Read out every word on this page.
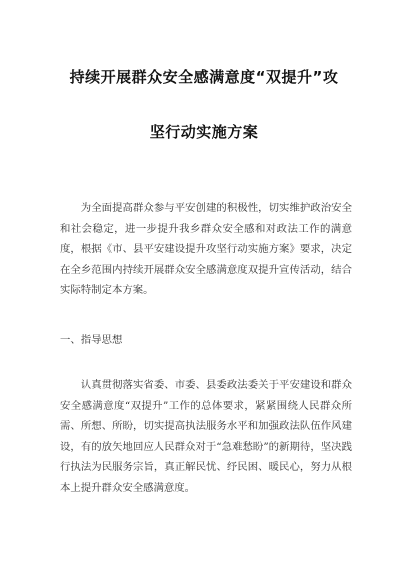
持续开展群众安全感满意度“双提升”攻
坚行动实施方案

为全面提高群众参与平安创建的积极性，切实维护政治安全和社会稳定，进一步提升我乡群众安全感和对政法工作的满意度，根据《市、县平安建设提升攻坚行动实施方案》要求，决定在全乡范围内持续开展群众安全感满意度双提升宣传活动，结合实际特制定本方案。

一、指导思想

认真贯彻落实省委、市委、县委政法委关于平安建设和群众安全感满意度“双提升”工作的总体要求，紧紧围绕人民群众所需、所想、所盼，切实提高执法服务水平和加强政法队伍作风建设，有的放矢地回应人民群众对于“急难愁盼”的新期待，坚决践行执法为民服务宗旨，真正解民忧、纾民困、暖民心，努力从根本上提升群众安全感满意度。
